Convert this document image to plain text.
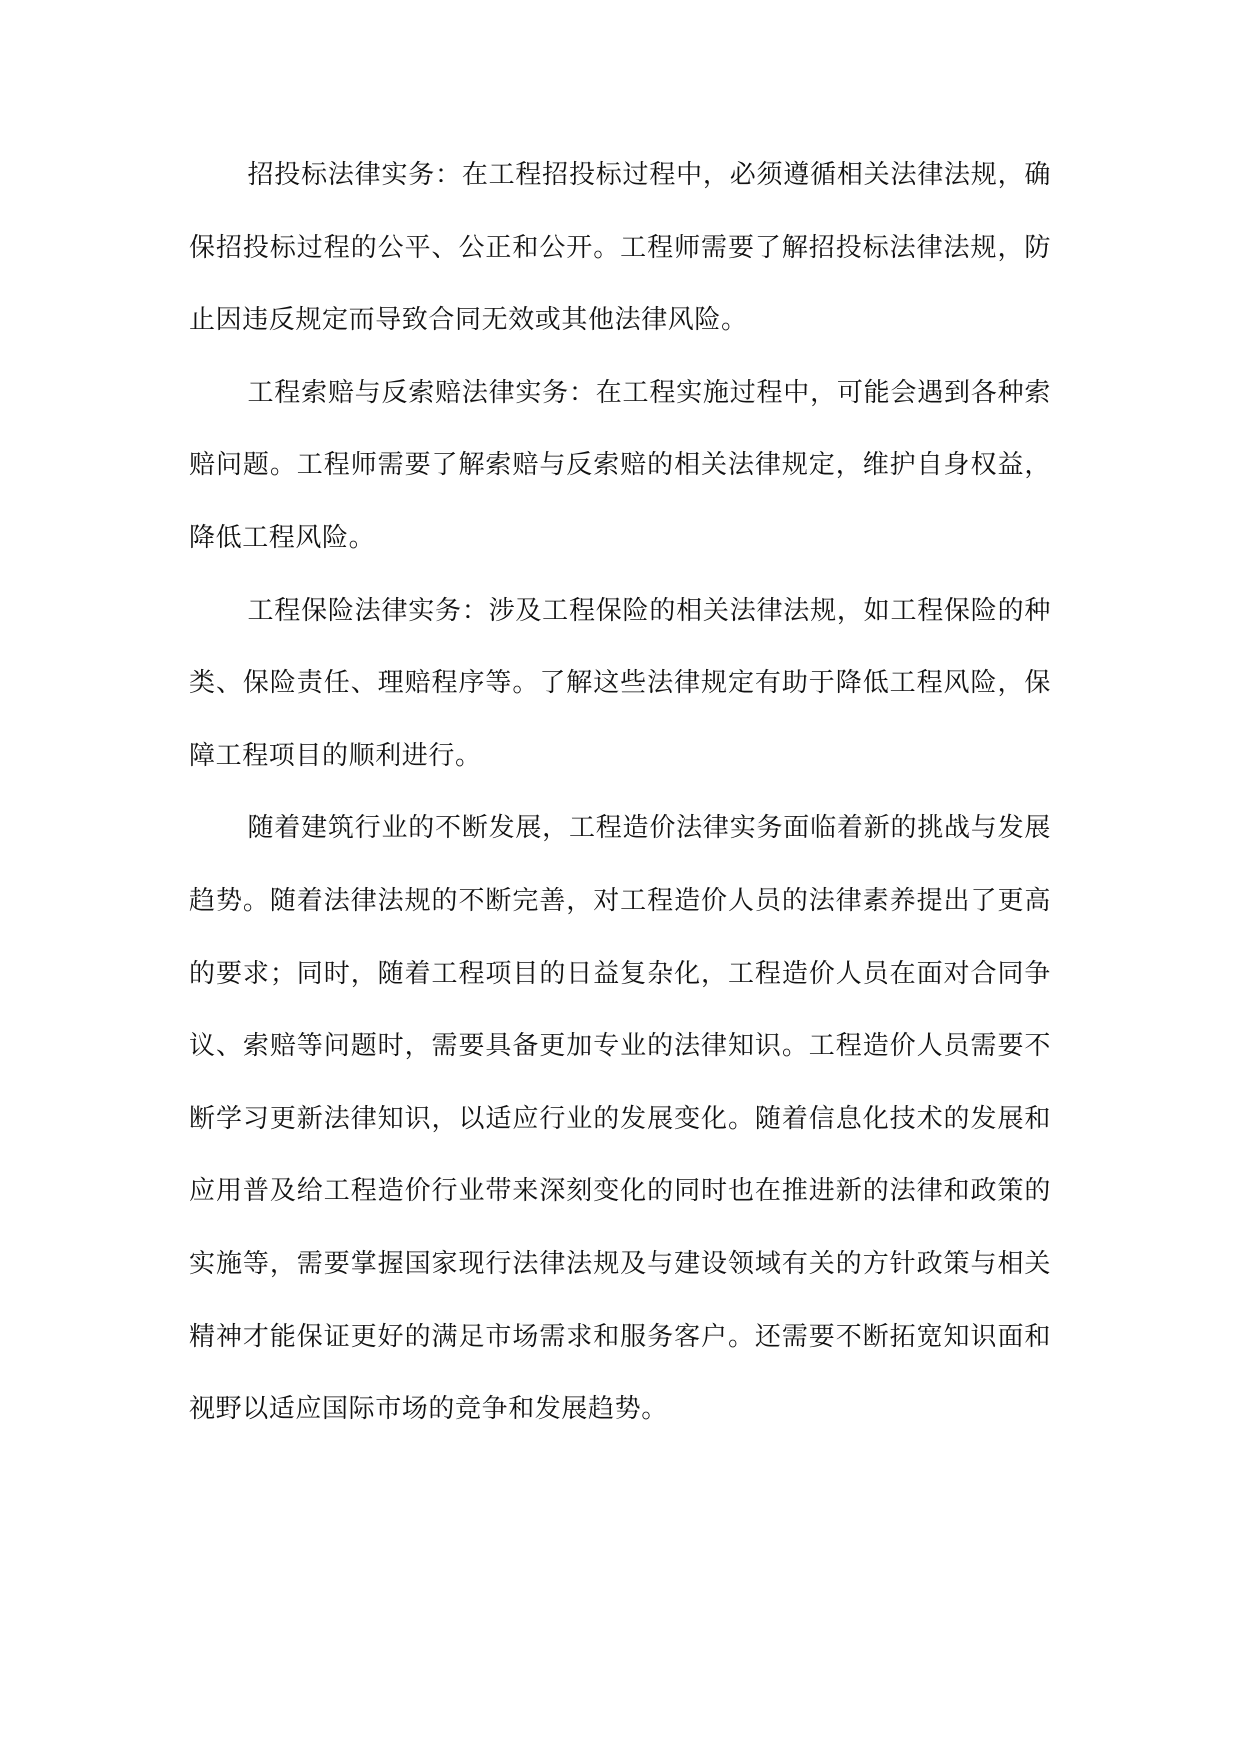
招投标法律实务：在工程招投标过程中，必须遵循相关法律法规，确保招投标过程的公平、公正和公开。工程师需要了解招投标法律法规，防止因违反规定而导致合同无效或其他法律风险。

工程索赔与反索赔法律实务：在工程实施过程中，可能会遇到各种索赔问题。工程师需要了解索赔与反索赔的相关法律规定，维护自身权益，降低工程风险。

工程保险法律实务：涉及工程保险的相关法律法规，如工程保险的种类、保险责任、理赔程序等。了解这些法律规定有助于降低工程风险，保障工程项目的顺利进行。

随着建筑行业的不断发展，工程造价法律实务面临着新的挑战与发展趋势。随着法律法规的不断完善，对工程造价人员的法律素养提出了更高的要求；同时，随着工程项目的日益复杂化，工程造价人员在面对合同争议、索赔等问题时，需要具备更加专业的法律知识。工程造价人员需要不断学习更新法律知识，以适应行业的发展变化。随着信息化技术的发展和应用普及给工程造价行业带来深刻变化的同时也在推进新的法律和政策的实施等，需要掌握国家现行法律法规及与建设领域有关的方针政策与相关精神才能保证更好的满足市场需求和服务客户。还需要不断拓宽知识面和视野以适应国际市场的竞争和发展趋势。
